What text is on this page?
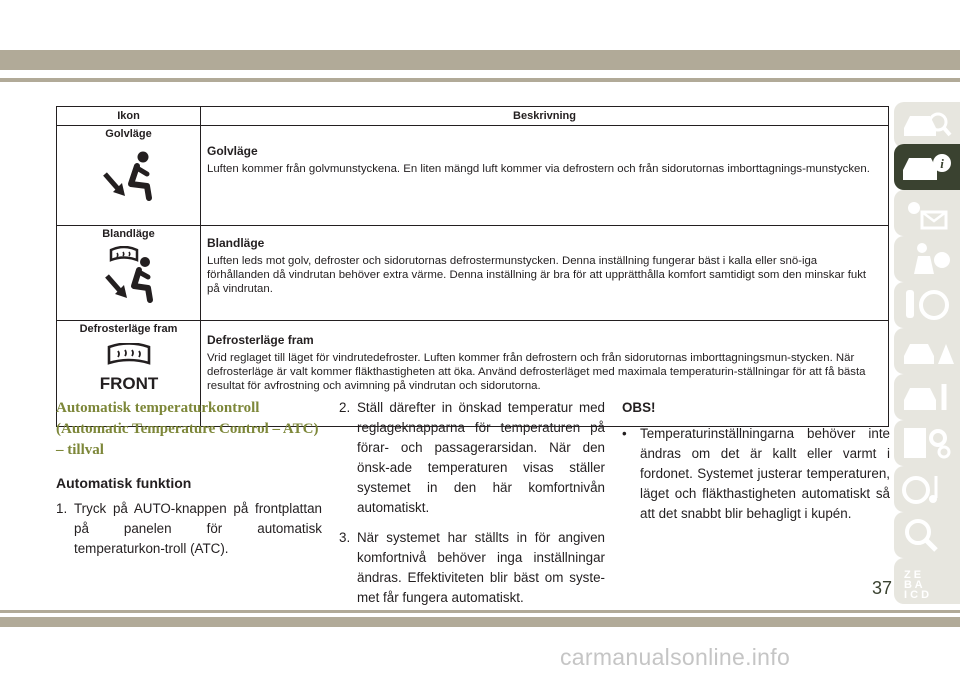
Ikon	Beskrivning
Golvläge	Golvläge
Luften kommer från golvmunstyckena. En liten mängd luft kommer via defrostern och från sidorutornas imborttagnings-munstycken.
Blandläge	Blandläge
Luften leds mot golv, defroster och sidorutornas defrostermunstycken. Denna inställning fungerar bäst i kalla eller snö-iga förhållanden då vindrutan behöver extra värme. Denna inställning är bra för att upprätthålla komfort samtidigt som den minskar fukt på vindrutan.
Defrosterläge fram
FRONT	Defrosterläge fram
Vrid reglaget till läget för vindrutedefroster. Luften kommer från defrostern och från sidorutornas imborttagningsmun-stycken. När defrosterläge är valt kommer fläkthastigheten att öka. Använd defrosterläget med maximala temperaturin-ställningar för att få bästa resultat för avfrostning och avimning på vindrutan och sidorutorna.
Automatisk temperaturkontroll (Automatic Temperature Control – ATC) – tillval
Automatisk funktion
1. Tryck på AUTO-knappen på frontplattan på panelen för automatisk temperaturkon-troll (ATC).
2. Ställ därefter in önskad temperatur med reglageknapparna för temperaturen på förar- och passagerarsidan. När den önsk-ade temperaturen visas ställer systemet in den här komfortnivån automatiskt.
3. När systemet har ställts in för angiven komfortnivå behöver inga inställningar ändras. Effektiviteten blir bäst om syste-met får fungera automatiskt.
OBS!
• Temperaturinställningarna behöver inte ändras om det är kallt eller varmt i fordonet. Systemet justerar temperaturen, läget och fläkthastigheten automatiskt så att det snabbt blir behagligt i kupén.
i
Z E
B A
I C D
37
carmanualsonline.info
